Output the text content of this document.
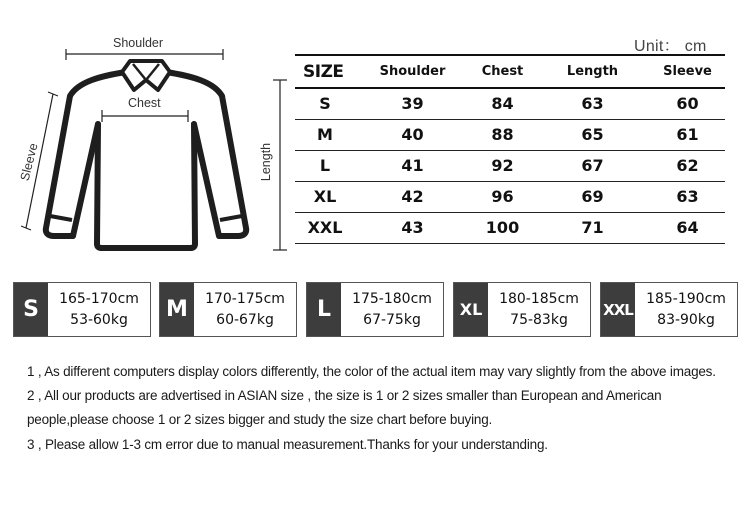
Shoulder
Chest
Sleeve	Length
Unit： cm
SIZE	Shoulder	Chest	Length	Sleeve
S	39	84	63	60
M	40	88	65	61
L	41	92	67	62
XL	42	96	69	63
XXL	43	100	71	64
S	165-170cm
53-60kg M	170-175cm
60-67kg	L	175-180cm
67-75kg
XL
180-185cm
75-83kg
XXL
185-190cm
83-90kg

1 , As different computers display colors differently, the color of the actual item may vary slightly from the above images.

2 , All our products are advertised in ASIAN size , the size is 1 or 2 sizes smaller than European and American people,please choose 1 or 2 sizes bigger and study the size chart before buying.

3 , Please allow 1-3 cm error due to manual measurement.Thanks for your understanding.
